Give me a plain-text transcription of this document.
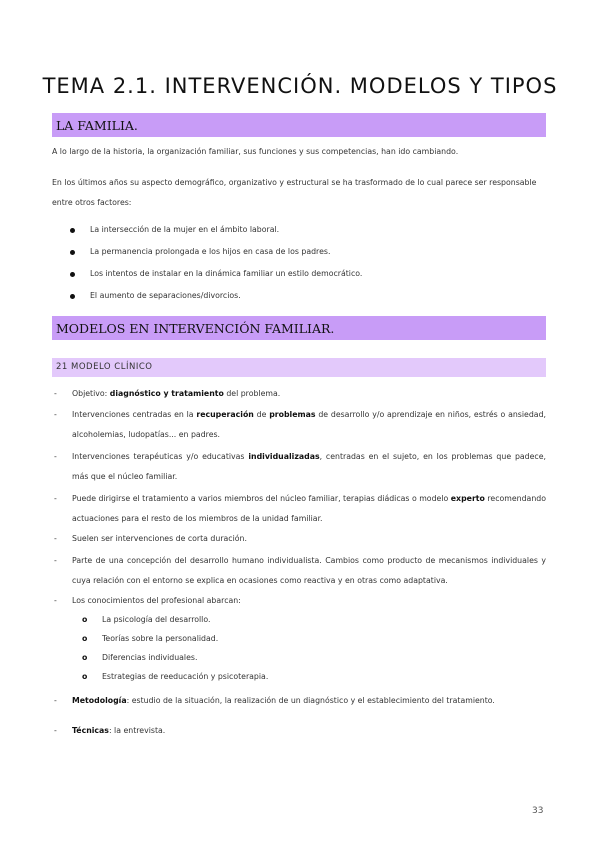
TEMA 2.1. INTERVENCIÓN. MODELOS Y TIPOS
LA FAMILIA.
A lo largo de la historia, la organización familiar, sus funciones y sus competencias, han ido cambiando.
En los últimos años su aspecto demográfico, organizativo y estructural se ha trasformado de lo cual parece ser responsable entre otros factores:
La intersección de la mujer en el ámbito laboral.
La permanencia prolongada e los hijos en casa de los padres.
Los intentos de instalar en la dinámica familiar un estilo democrático.
El aumento de separaciones/divorcios.
MODELOS EN INTERVENCIÓN FAMILIAR.
21 MODELO CLÍNICO
- Objetivo: diagnóstico y tratamiento del problema.
- Intervenciones centradas en la recuperación de problemas de desarrollo y/o aprendizaje en niños, estrés o ansiedad, alcoholemias, ludopatías... en padres.
- Intervenciones terapéuticas y/o educativas individualizadas, centradas en el sujeto, en los problemas que padece, más que el núcleo familiar.
- Puede dirigirse el tratamiento a varios miembros del núcleo familiar, terapias diádicas o modelo experto recomendando actuaciones para el resto de los miembros de la unidad familiar.
- Suelen ser intervenciones de corta duración.
- Parte de una concepción del desarrollo humano individualista. Cambios como producto de mecanismos individuales y cuya relación con el entorno se explica en ocasiones como reactiva y en otras como adaptativa.
- Los conocimientos del profesional abarcan:
o La psicología del desarrollo.
o Teorías sobre la personalidad.
o Diferencias individuales.
o Estrategias de reeducación y psicoterapia.
- Metodología: estudio de la situación, la realización de un diagnóstico y el establecimiento del tratamiento.
- Técnicas: la entrevista.
33
